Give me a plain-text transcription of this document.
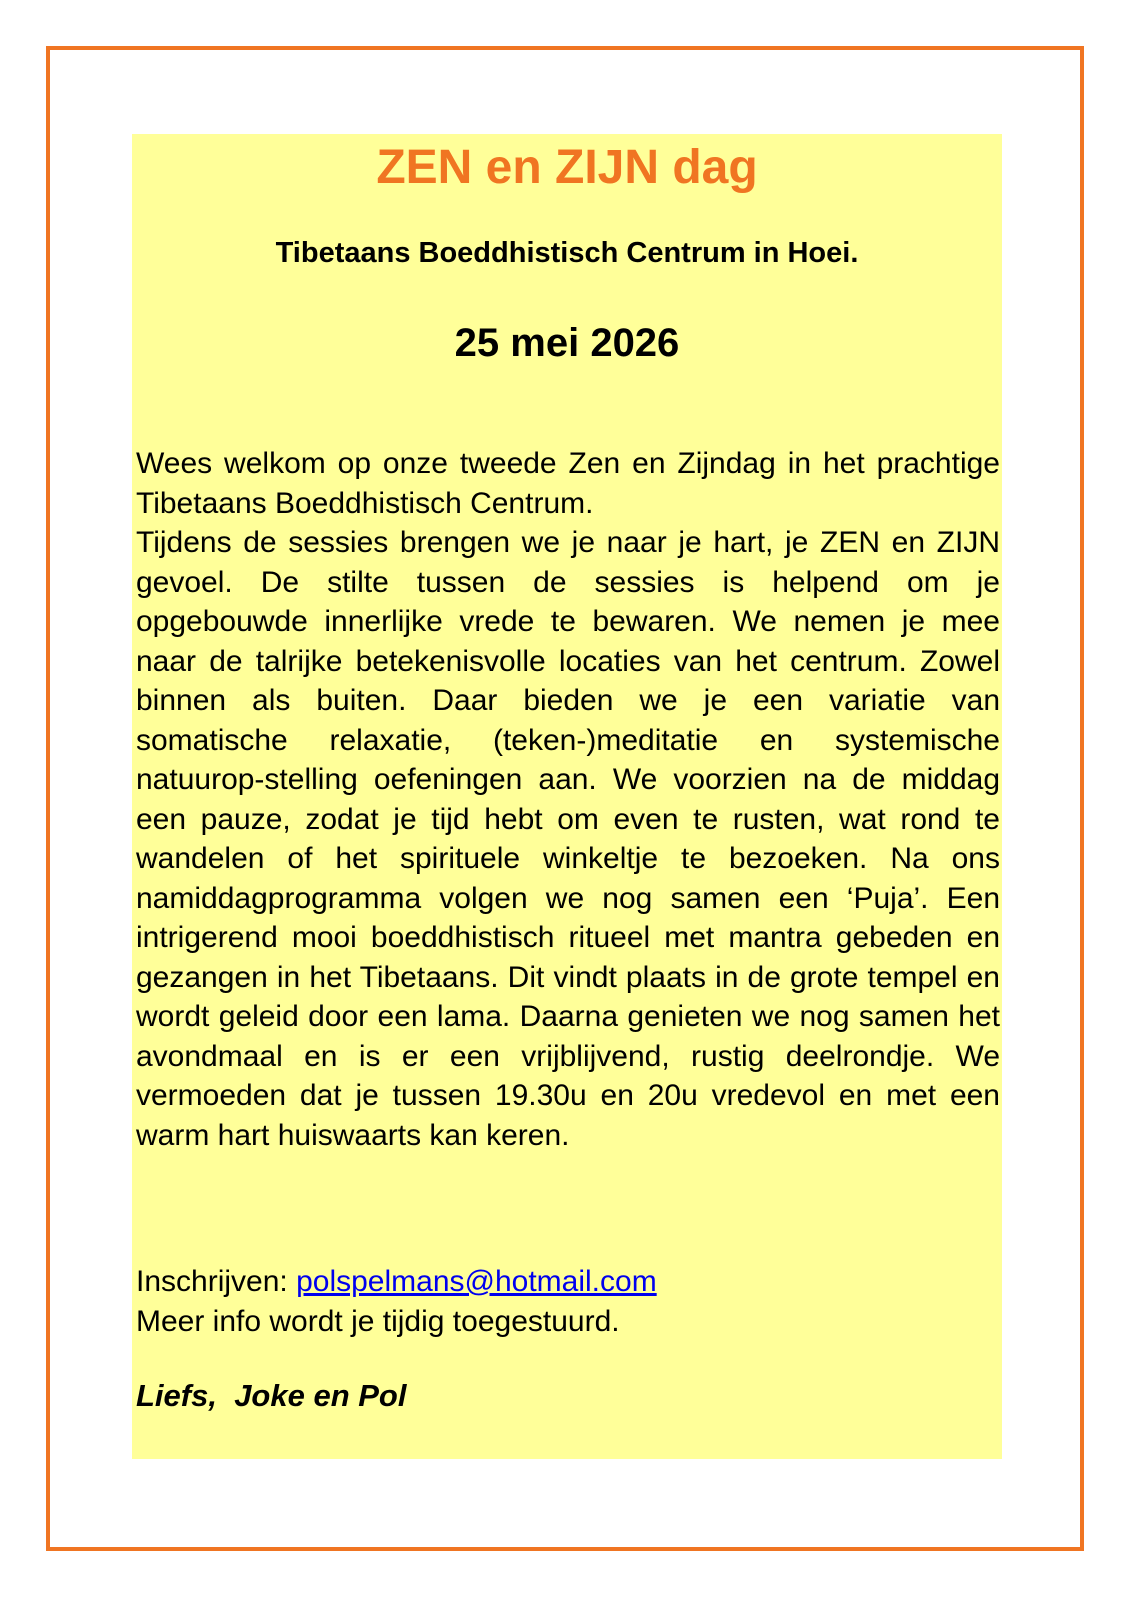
ZEN en ZIJN dag
Tibetaans Boeddhistisch Centrum in Hoei.
25 mei 2026

Wees welkom op onze tweede Zen en Zijndag in het prachtige Tibetaans Boeddhistisch Centrum.

Tijdens de sessies brengen we je naar je hart, je ZEN en ZIJN gevoel. De stilte tussen de sessies is helpend om je opgebouwde innerlijke vrede te bewaren. We nemen je mee naar de talrijke betekenisvolle locaties van het centrum. Zowel binnen als buiten. Daar bieden we je een variatie van somatische relaxatie, (teken-)meditatie en systemische natuurop-stelling oefeningen aan. We voorzien na de middag een pauze, zodat je tijd hebt om even te rusten, wat rond te wandelen of het spirituele winkeltje te bezoeken. Na ons namiddagprogramma volgen we nog samen een ‘Puja’. Een intrigerend mooi boeddhistisch ritueel met mantra gebeden en gezangen in het Tibetaans. Dit vindt plaats in de grote tempel en wordt geleid door een lama. Daarna genieten we nog samen het avondmaal en is er een vrijblijvend, rustig deelrondje. We vermoeden dat je tussen 19.30u en 20u vredevol en met een warm hart huiswaarts kan keren.

Inschrijven: polspelmans@hotmail.com
Meer info wordt je tijdig toegestuurd.
Liefs,  Joke en Pol
